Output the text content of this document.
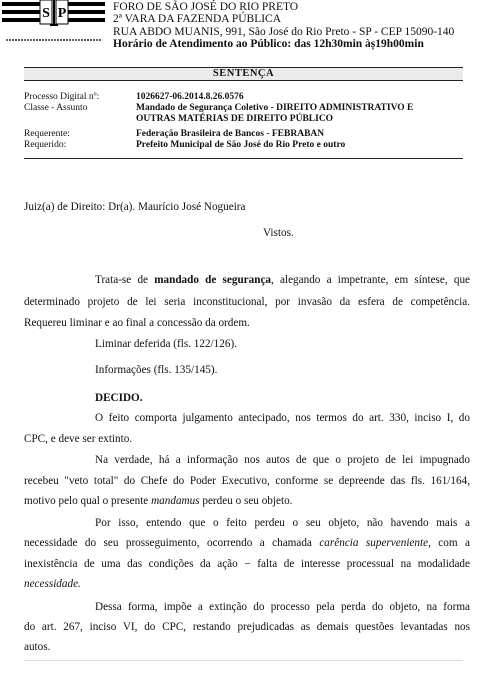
S P	FORO DE SÃO JOSÉ DO RIO PRETO
2ª VARA DA FAZENDA PÚBLICA
RUA ABDO MUANIS, 991, São José do Rio Preto - SP - CEP 15090-140
Horário de Atendimento ao Público: das 12h30min àș19h00min
SENTENÇA
Processo Digital nº:	1026627-06.2014.8.26.0576
Classe - Assunto	Mandado de Segurança Coletivo - DIREITO ADMINISTRATIVO E OUTRAS MATÉRIAS DE DIREITO PÚBLICO
Requerente:	Federação Brasileira de Bancos - FEBRABAN
Requerido:	Prefeito Municipal de São José do Rio Preto e outro
Juiz(a) de Direito: Dr(a). Maurício José Nogueira
Vistos.
Trata-se de mandado de segurança, alegando a impetrante, em síntese, que
determinado projeto de lei seria inconstitucional, por invasão da esfera de competência.
Requereu liminar e ao final a concessão da ordem.
Liminar deferida (fls. 122/126).
Informações (fls. 135/145).
DECIDO.
O feito comporta julgamento antecipado, nos termos do art. 330, inciso I, do
CPC, e deve ser extinto.
Na verdade, há a informação nos autos de que o projeto de lei impugnado
recebeu "veto total" do Chefe do Poder Executivo, conforme se depreende das fls. 161/164,
motivo pelo qual o presente mandamus perdeu o seu objeto.
Por isso, entendo que o feito perdeu o seu objeto, não havendo mais a
necessidade do seu prosseguimento, ocorrendo a chamada carência superveniente, com a
inexistência de uma das condições da ação − falta de interesse processual na modalidade
necessidade.
Dessa forma, impõe a extinção do processo pela perda do objeto, na forma
do art. 267, inciso VI, do CPC, restando prejudicadas as demais questões levantadas nos
autos.
